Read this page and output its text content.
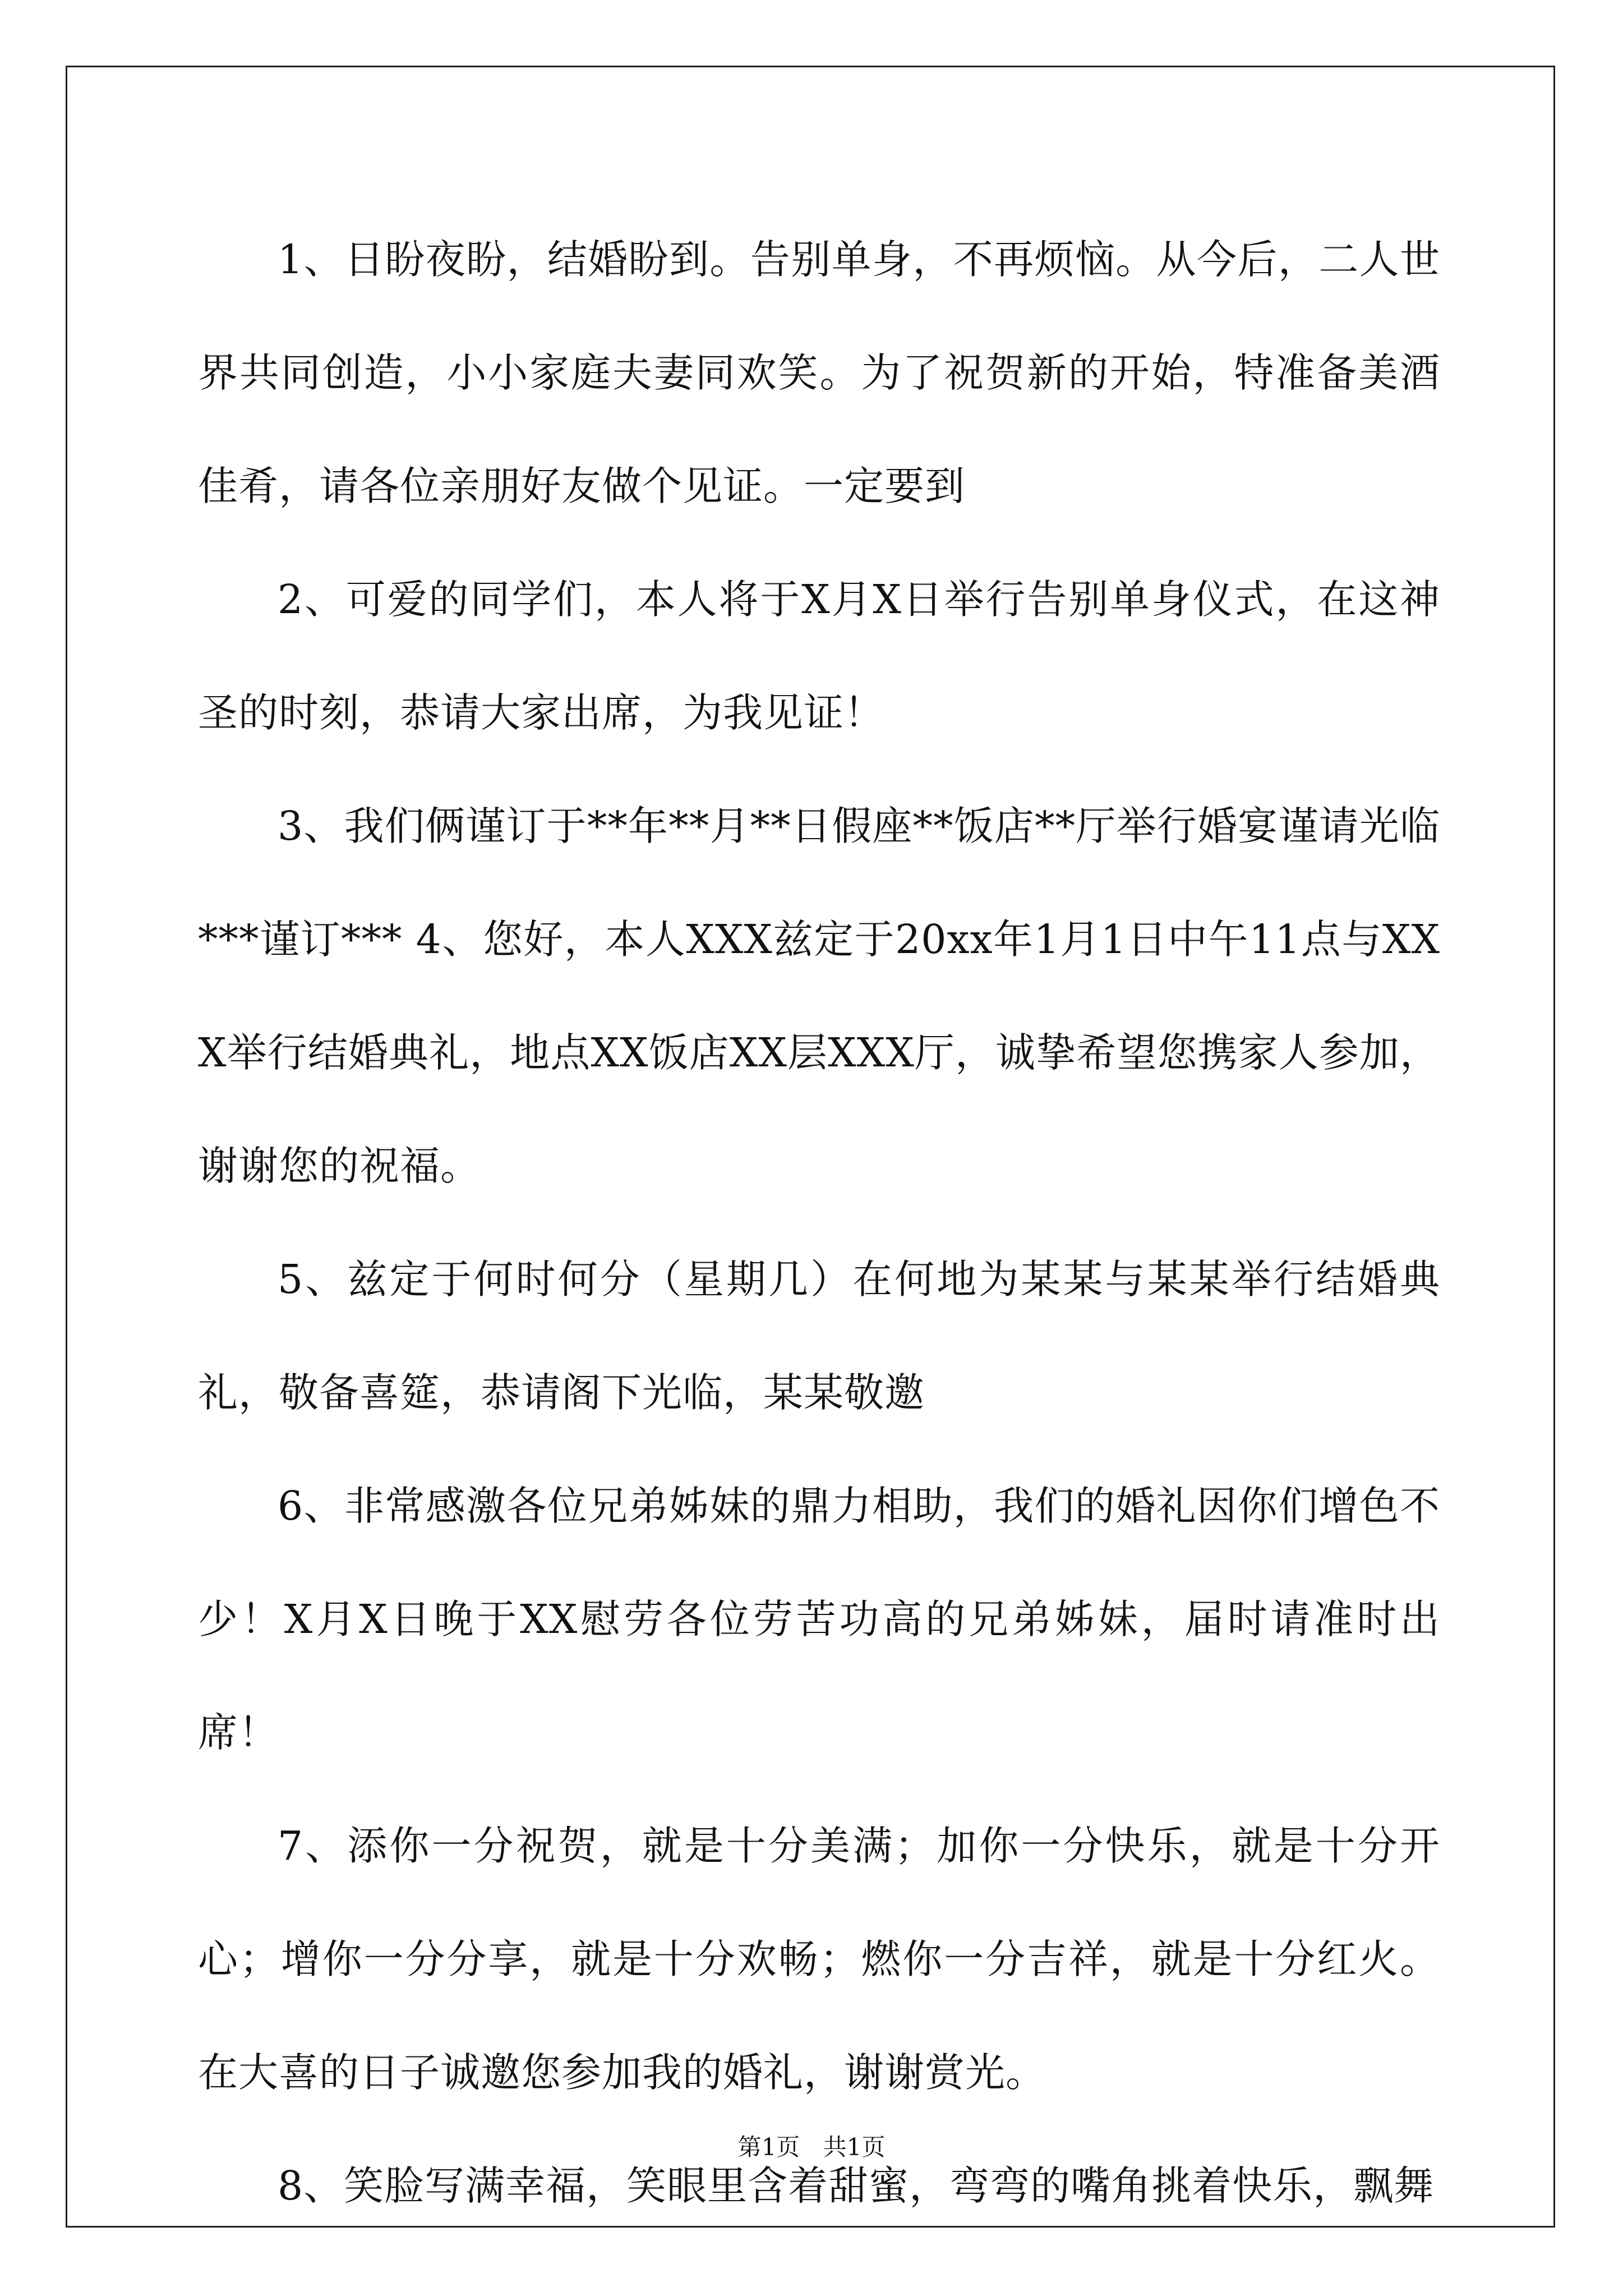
1、日盼夜盼，结婚盼到。告别单身，不再烦恼。从今后，二人世界共同创造，小小家庭夫妻同欢笑。为了祝贺新的开始，特准备美酒佳肴，请各位亲朋好友做个见证。一定要到

2、可爱的同学们，本人将于X月X日举行告别单身仪式，在这神圣的时刻，恭请大家出席，为我见证！

3、我们俩谨订于**年**月**日假座**饭店**厅举行婚宴谨请光临***谨订*** 4、您好，本人XXX兹定于20xx年1月1日中午11点与XXX举行结婚典礼，地点XX饭店XX层XXX厅，诚挚希望您携家人参加，谢谢您的祝福。

5、兹定于何时何分（星期几）在何地为某某与某某举行结婚典礼，敬备喜筵，恭请阁下光临，某某敬邀

6、非常感激各位兄弟姊妹的鼎力相助，我们的婚礼因你们增色不少！X月X日晚于XX慰劳各位劳苦功高的兄弟姊妹，届时请准时出席！

7、添你一分祝贺，就是十分美满；加你一分快乐，就是十分开心；增你一分分享，就是十分欢畅；燃你一分吉祥，就是十分红火。在大喜的日子诚邀您参加我的婚礼，谢谢赏光。

8、笑脸写满幸福，笑眼里含着甜蜜，弯弯的嘴角挑着快乐，飘舞

第1页 共1页
